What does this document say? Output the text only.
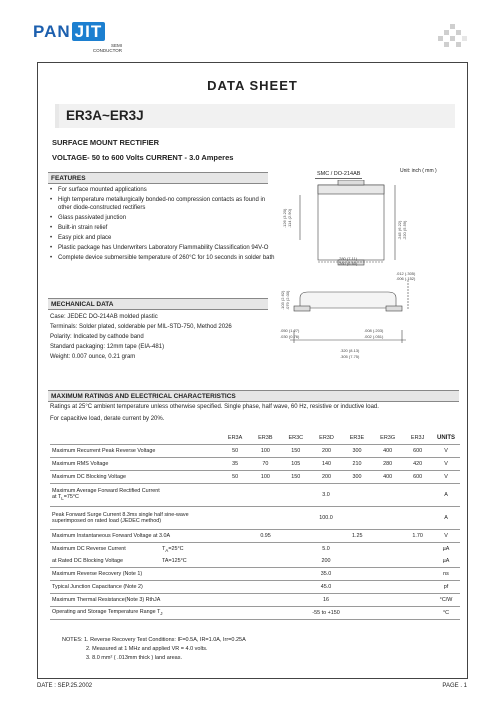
PAN JIT
SEMI
CONDUCTOR
DATA SHEET
ER3A~ER3J
SURFACE MOUNT RECTIFIER
VOLTAGE- 50 to 600 Volts CURRENT - 3.0 Amperes
FEATURES
• For surface mounted applications
• High temperature metallurgically bonded-no compression contacts as found in other diode-constructed rectifiers
• Glass passivated junction
• Built-in strain relief
• Easy pick and place
• Plastic package has Underwriters Laboratory Flammability Classification 94V-O
• Complete device submersible temperature of 260°C for 10 seconds in solder bath
MECHANICAL DATA
Case: JEDEC DO-214AB molded plastic
Terminals: Solder plated, solderable per MIL-STD-750, Method 2026
Polarity: Indicated by cathode band
Standard packaging: 12mm tape (EIA-481)
Weight: 0.007 ounce, 0.21 gram
SMC / DO-214AB	Unit: inch ( mm )
.126 (3.20) .114 (2.90)
.245 (6.22) .220 (5.59)
.280 (7.11)
.260 (6.60)
.012 (.305)
.006 (.152)
.103 (2.62) .079 (2.00)
.050 (1.27)
.030 (0.76)
.008 (.203)
.002 (.051)
.320 (8.13)
.305 (7.75)
MAXIMUM RATINGS AND ELECTRICAL CHARACTERISTICS
Ratings at 25°C ambient temperature unless otherwise specified. Single phase, half wave, 60 Hz, resistive or inductive load.
For capacitive load, derate current by 20%.
	ER3A	ER3B	ER3C	ER3D	ER3E	ER3G	ER3J	UNITS
Maximum Recurrent Peak Reverse Voltage	50	100	150	200	300	400	600	V
Maximum RMS Voltage	35	70	105	140	210	280	420	V
Maximum DC Blocking Voltage	50	100	150	200	300	400	600	V

Maximum Average Forward Rectified Current
at $T_L=75^\circ C$	3.0							A

Peak Forward Surge Current 8.3ms single half sine-wave
superimposed on rated load (JEDEC method)	100.0							A
Maximum Instantaneous Forward Voltage at 3.0A	0.95			1.25			1.70	V
Maximum DC Reverse Current $T_A=25^\circ C$	5.0							µA
at Rated DC Blocking Voltage TA=125°C	200							µA
Maximum Reverse Recovery (Note 1)	35.0							ns
Typical Junction Capacitance (Note 2)	45.0							pf
Maximum Thermal Resistance(Note 3) RthJA	16							°C/W
Operating and Storage Temperature Range $T_J$	-55 to +150							°C
NOTES: 1. Reverse Recovery Test Conditions: IF=0.5A, IR=1.0A, Irr=0.25A
2. Measured at 1 MHz and applied VR = 4.0 volts.
3. 8.0 mm² ( .013mm thick ) land areas.
DATE : SEP.25.2002	PAGE . 1
